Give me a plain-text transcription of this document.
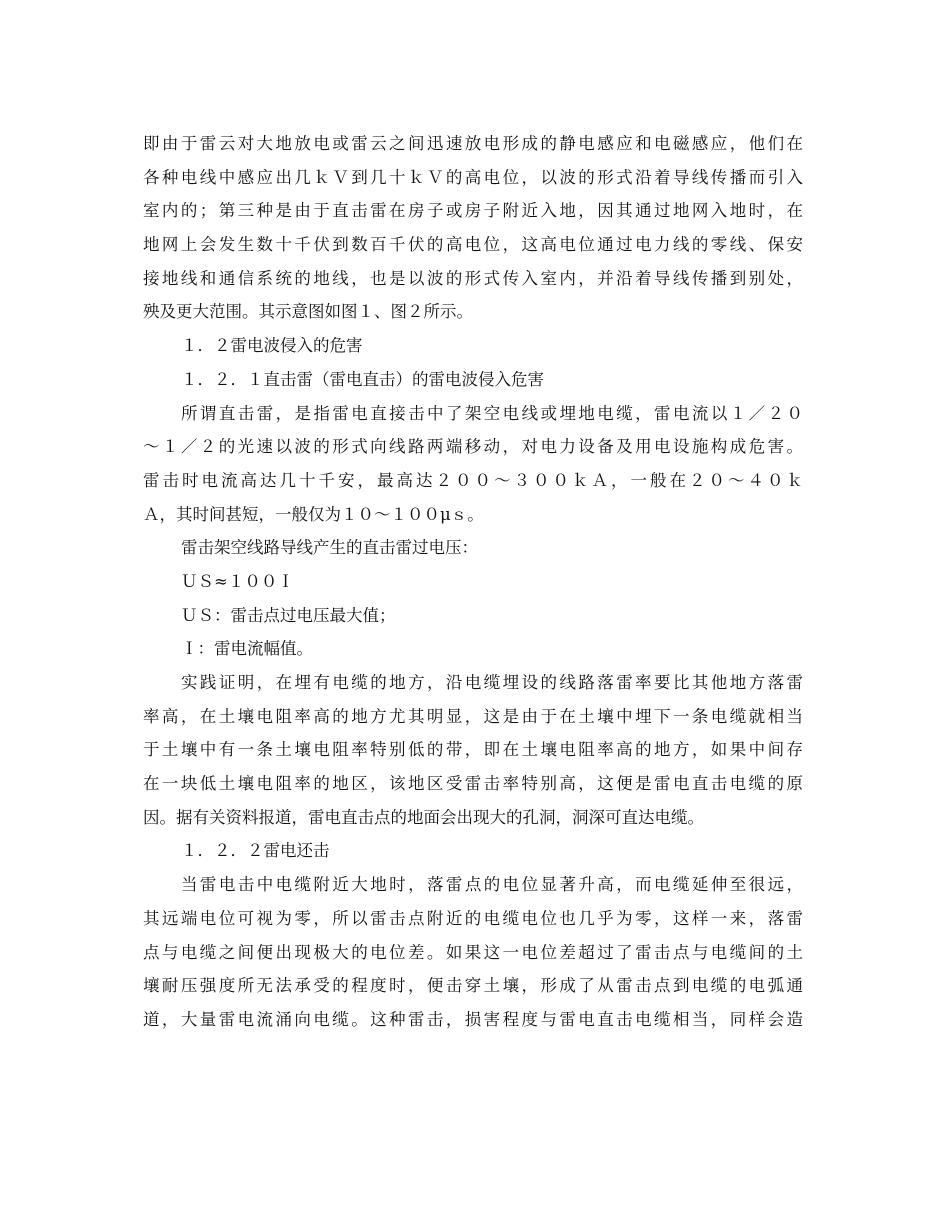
即由于雷云对大地放电或雷云之间迅速放电形成的静电感应和电磁感应，他们在
各种电线中感应出几ｋＶ到几十ｋＶ的高电位，以波的形式沿着导线传播而引入
室内的；第三种是由于直击雷在房子或房子附近入地，因其通过地网入地时，在
地网上会发生数十千伏到数百千伏的高电位，这高电位通过电力线的零线、保安
接地线和通信系统的地线，也是以波的形式传入室内，并沿着导线传播到别处，
殃及更大范围。其示意图如图１、图２所示。
１．２雷电波侵入的危害
１．２．１直击雷（雷电直击）的雷电波侵入危害
所谓直击雷，是指雷电直接击中了架空电线或埋地电缆，雷电流以１／２０
～１／２的光速以波的形式向线路两端移动，对电力设备及用电设施构成危害。
雷击时电流高达几十千安，最高达２００～３００ｋＡ，一般在２０～４０ｋ
Ａ，其时间甚短，一般仅为１０～１００μｓ。
雷击架空线路导线产生的直击雷过电压：
ＵＳ≈１００Ｉ
ＵＳ：雷击点过电压最大值；
Ｉ：雷电流幅值。
实践证明，在埋有电缆的地方，沿电缆埋设的线路落雷率要比其他地方落雷
率高，在土壤电阻率高的地方尤其明显，这是由于在土壤中埋下一条电缆就相当
于土壤中有一条土壤电阻率特别低的带，即在土壤电阻率高的地方，如果中间存
在一块低土壤电阻率的地区，该地区受雷击率特别高，这便是雷电直击电缆的原
因。据有关资料报道，雷电直击点的地面会出现大的孔洞，洞深可直达电缆。
１．２．２雷电还击
当雷电击中电缆附近大地时，落雷点的电位显著升高，而电缆延伸至很远，
其远端电位可视为零，所以雷击点附近的电缆电位也几乎为零，这样一来，落雷
点与电缆之间便出现极大的电位差。如果这一电位差超过了雷击点与电缆间的土
壤耐压强度所无法承受的程度时，便击穿土壤，形成了从雷击点到电缆的电弧通
道，大量雷电流涌向电缆。这种雷击，损害程度与雷电直击电缆相当，同样会造
